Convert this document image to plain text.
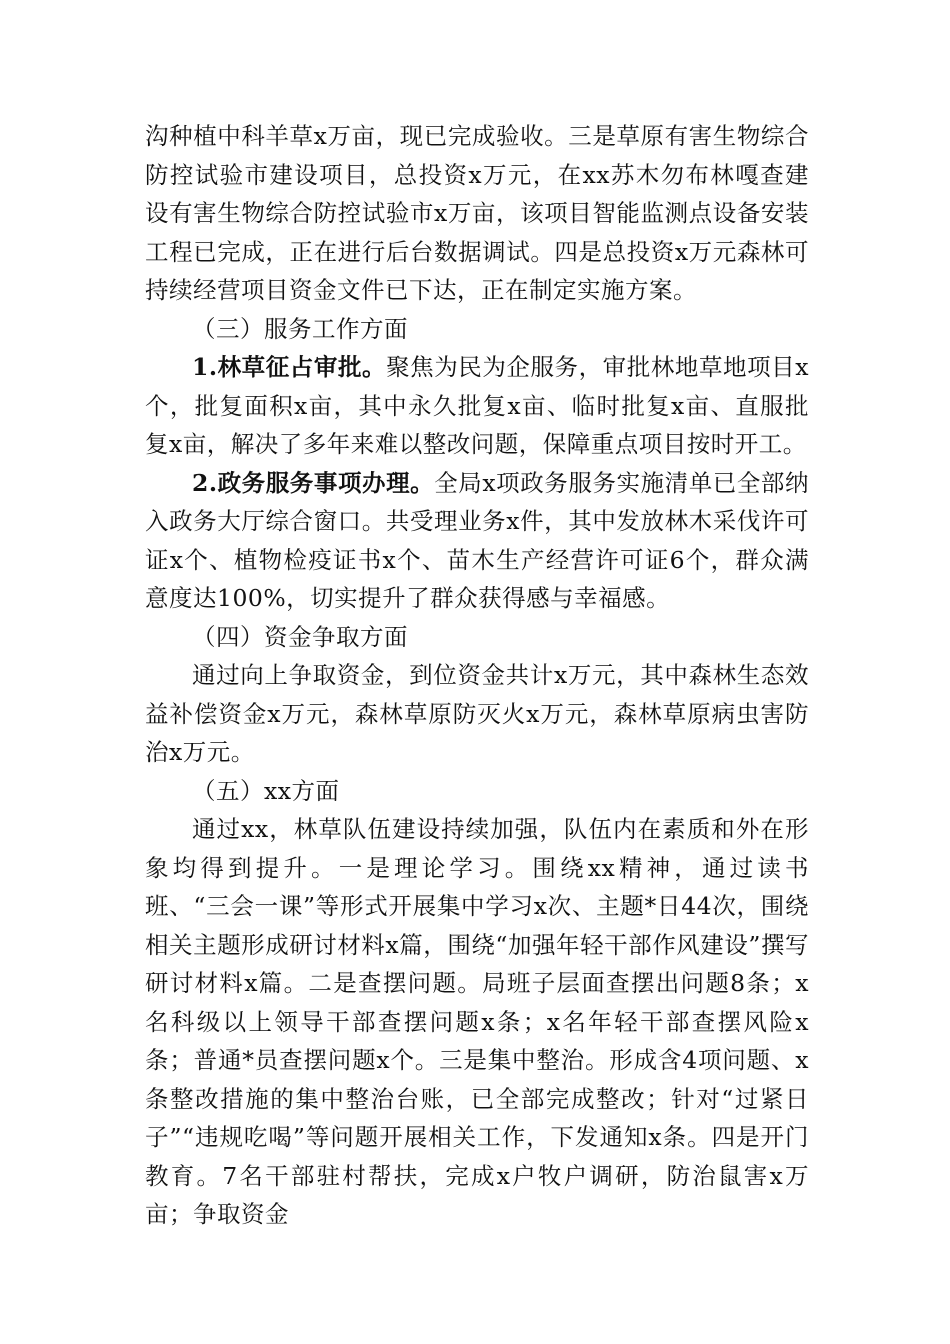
沟种植中科羊草x万亩，现已完成验收。三是草原有害生物综合防控试验市建设项目，总投资x万元，在xx苏木勿布林嘎查建设有害生物综合防控试验市x万亩，该项目智能监测点设备安装工程已完成，正在进行后台数据调试。四是总投资x万元森林可持续经营项目资金文件已下达，正在制定实施方案。

（三）服务工作方面

1.林草征占审批。聚焦为民为企服务，审批林地草地项目x个，批复面积x亩，其中永久批复x亩、临时批复x亩、直服批复x亩，解决了多年来难以整改问题，保障重点项目按时开工。

2.政务服务事项办理。全局x项政务服务实施清单已全部纳入政务大厅综合窗口。共受理业务x件，其中发放林木采伐许可证x个、植物检疫证书x个、苗木生产经营许可证6个，群众满意度达100%，切实提升了群众获得感与幸福感。

（四）资金争取方面

通过向上争取资金，到位资金共计x万元，其中森林生态效益补偿资金x万元，森林草原防灭火x万元，森林草原病虫害防治x万元。

（五）xx方面

通过xx，林草队伍建设持续加强，队伍内在素质和外在形象均得到提升。一是理论学习。围绕xx精神，通过读书班、“三会一课”等形式开展集中学习x次、主题*日44次，围绕相关主题形成研讨材料x篇，围绕“加强年轻干部作风建设”撰写研讨材料x篇。二是查摆问题。局班子层面查摆出问题8条；x名科级以上领导干部查摆问题x条；x名年轻干部查摆风险x条；普通*员查摆问题x个。三是集中整治。形成含4项问题、x条整改措施的集中整治台账，已全部完成整改；针对“过紧日子”“违规吃喝”等问题开展相关工作，下发通知x条。四是开门教育。7名干部驻村帮扶，完成x户牧户调研，防治鼠害x万亩；争取资金
